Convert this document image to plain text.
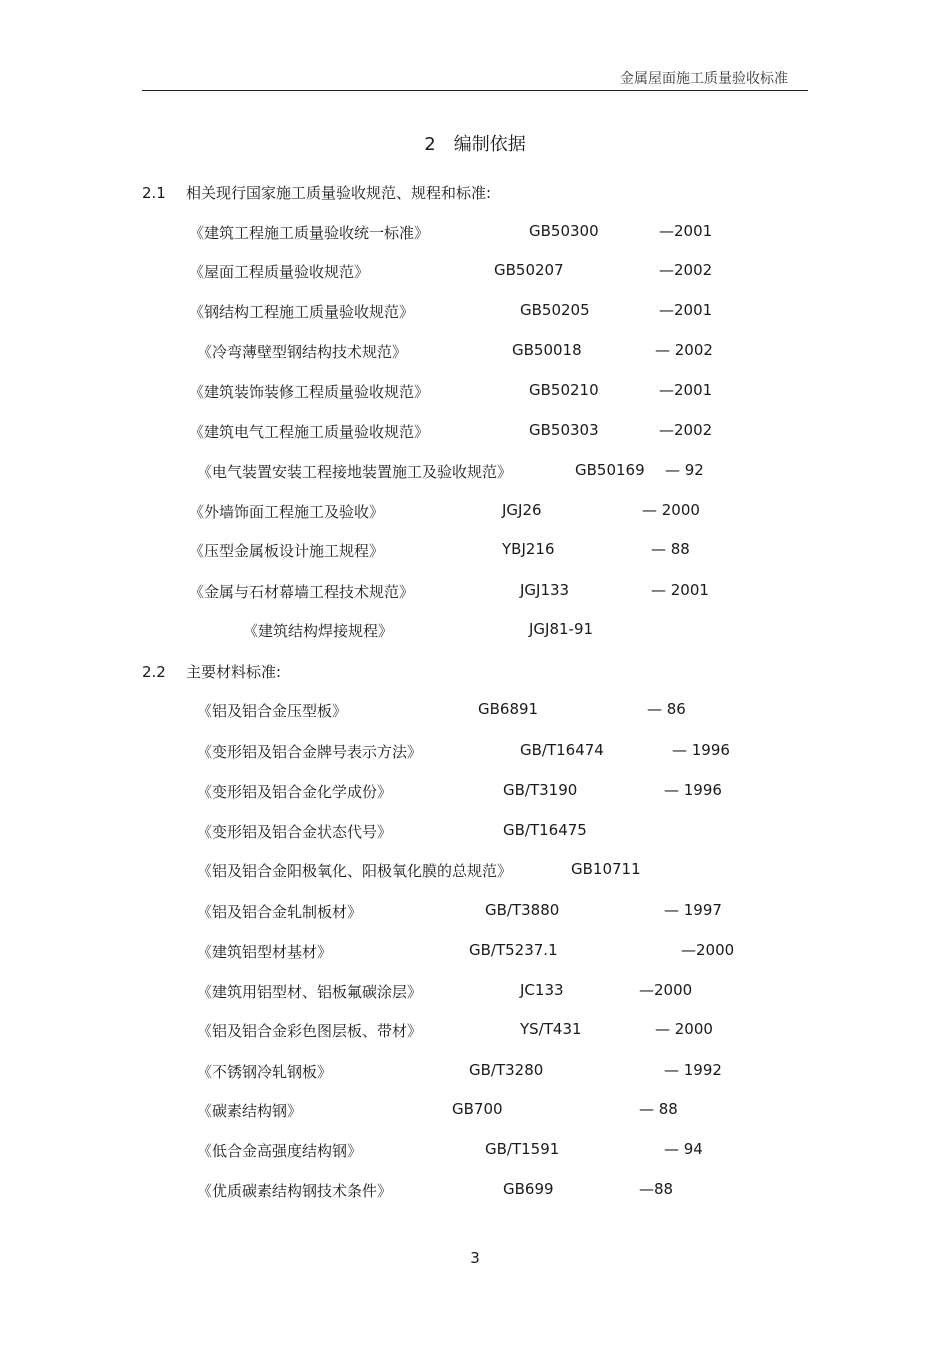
金属屋面施工质量验收标准
2　编制依据
2.1 相关现行国家施工质量验收规范、规程和标准:
《建筑工程施工质量验收统一标准》	GB50300	—2001
《屋面工程质量验收规范》	GB50207	—2002
《钢结构工程施工质量验收规范》	GB50205	—2001
《冷弯薄壁型钢结构技术规范》	GB50018	— 2002
《建筑装饰装修工程质量验收规范》	GB50210	—2001
《建筑电气工程施工质量验收规范》	GB50303	—2002
《电气装置安装工程接地装置施工及验收规范》	GB50169 — 92
《外墙饰面工程施工及验收》	JGJ26	— 2000
《压型金属板设计施工规程》	YBJ216	— 88
《金属与石材幕墙工程技术规范》	JGJ133	— 2001
《建筑结构焊接规程》	JGJ81-91
2.2 主要材料标准:
《铝及铝合金压型板》	GB6891	— 86
《变形铝及铝合金牌号表示方法》	GB/T16474	— 1996
《变形铝及铝合金化学成份》	GB/T3190	— 1996
《变形铝及铝合金状态代号》	GB/T16475
《铝及铝合金阳极氧化、阳极氧化膜的总规范》	GB10711
《铝及铝合金轧制板材》	GB/T3880	— 1997
《建筑铝型材基材》	GB/T5237.1	—2000
《建筑用铝型材、铝板氟碳涂层》	JC133	—2000
《铝及铝合金彩色图层板、带材》	YS/T431	— 2000
《不锈钢冷轧钢板》	GB/T3280	— 1992
《碳素结构钢》	GB700	— 88
《低合金高强度结构钢》	GB/T1591	— 94
《优质碳素结构钢技术条件》	GB699	—88
3
